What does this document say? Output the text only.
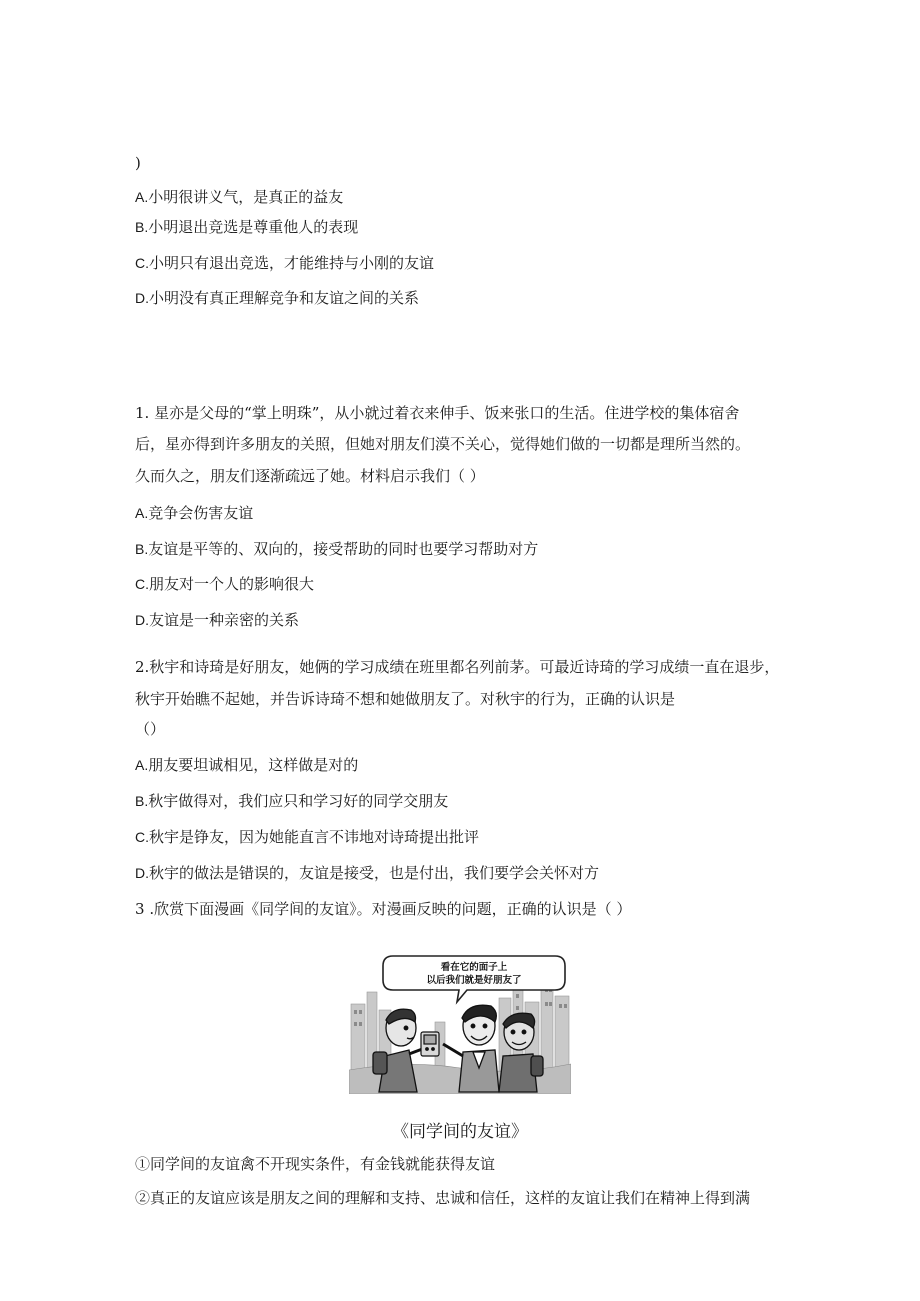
)
A.小明很讲义气，是真正的益友
B.小明退出竞选是尊重他人的表现
C.小明只有退出竞选，才能维持与小刚的友谊
D.小明没有真正理解竞争和友谊之间的关系
1. 星亦是父母的“掌上明珠”，从小就过着衣来伸手、饭来张口的生活。住进学校的集体宿舍
后，星亦得到许多朋友的关照，但她对朋友们漠不关心，觉得她们做的一切都是理所当然的。
久而久之，朋友们逐渐疏远了她。材料启示我们（ ）
A.竞争会伤害友谊
B.友谊是平等的、双向的，接受帮助的同时也要学习帮助对方
C.朋友对一个人的影响很大
D.友谊是一种亲密的关系
2.秋宇和诗琦是好朋友，她俩的学习成绩在班里都名列前茅。可最近诗琦的学习成绩一直在退步，
秋宇开始瞧不起她，并告诉诗琦不想和她做朋友了。对秋宇的行为，正确的认识是
（）
A.朋友要坦诚相见，这样做是对的
B.秋宇做得对，我们应只和学习好的同学交朋友
C.秋宇是铮友，因为她能直言不讳地对诗琦提出批评
D.秋宇的做法是错误的，友谊是接受，也是付出，我们要学会关怀对方
3 .欣赏下面漫画《同学间的友谊》。对漫画反映的问题，正确的认识是（ ）
看在它的面子上
以后我们就是好朋友了
《同学间的友谊》
①同学间的友谊禽不开现实条件，有金钱就能获得友谊
②真正的友谊应该是朋友之间的理解和支持、忠诚和信任，这样的友谊让我们在精神上得到满
